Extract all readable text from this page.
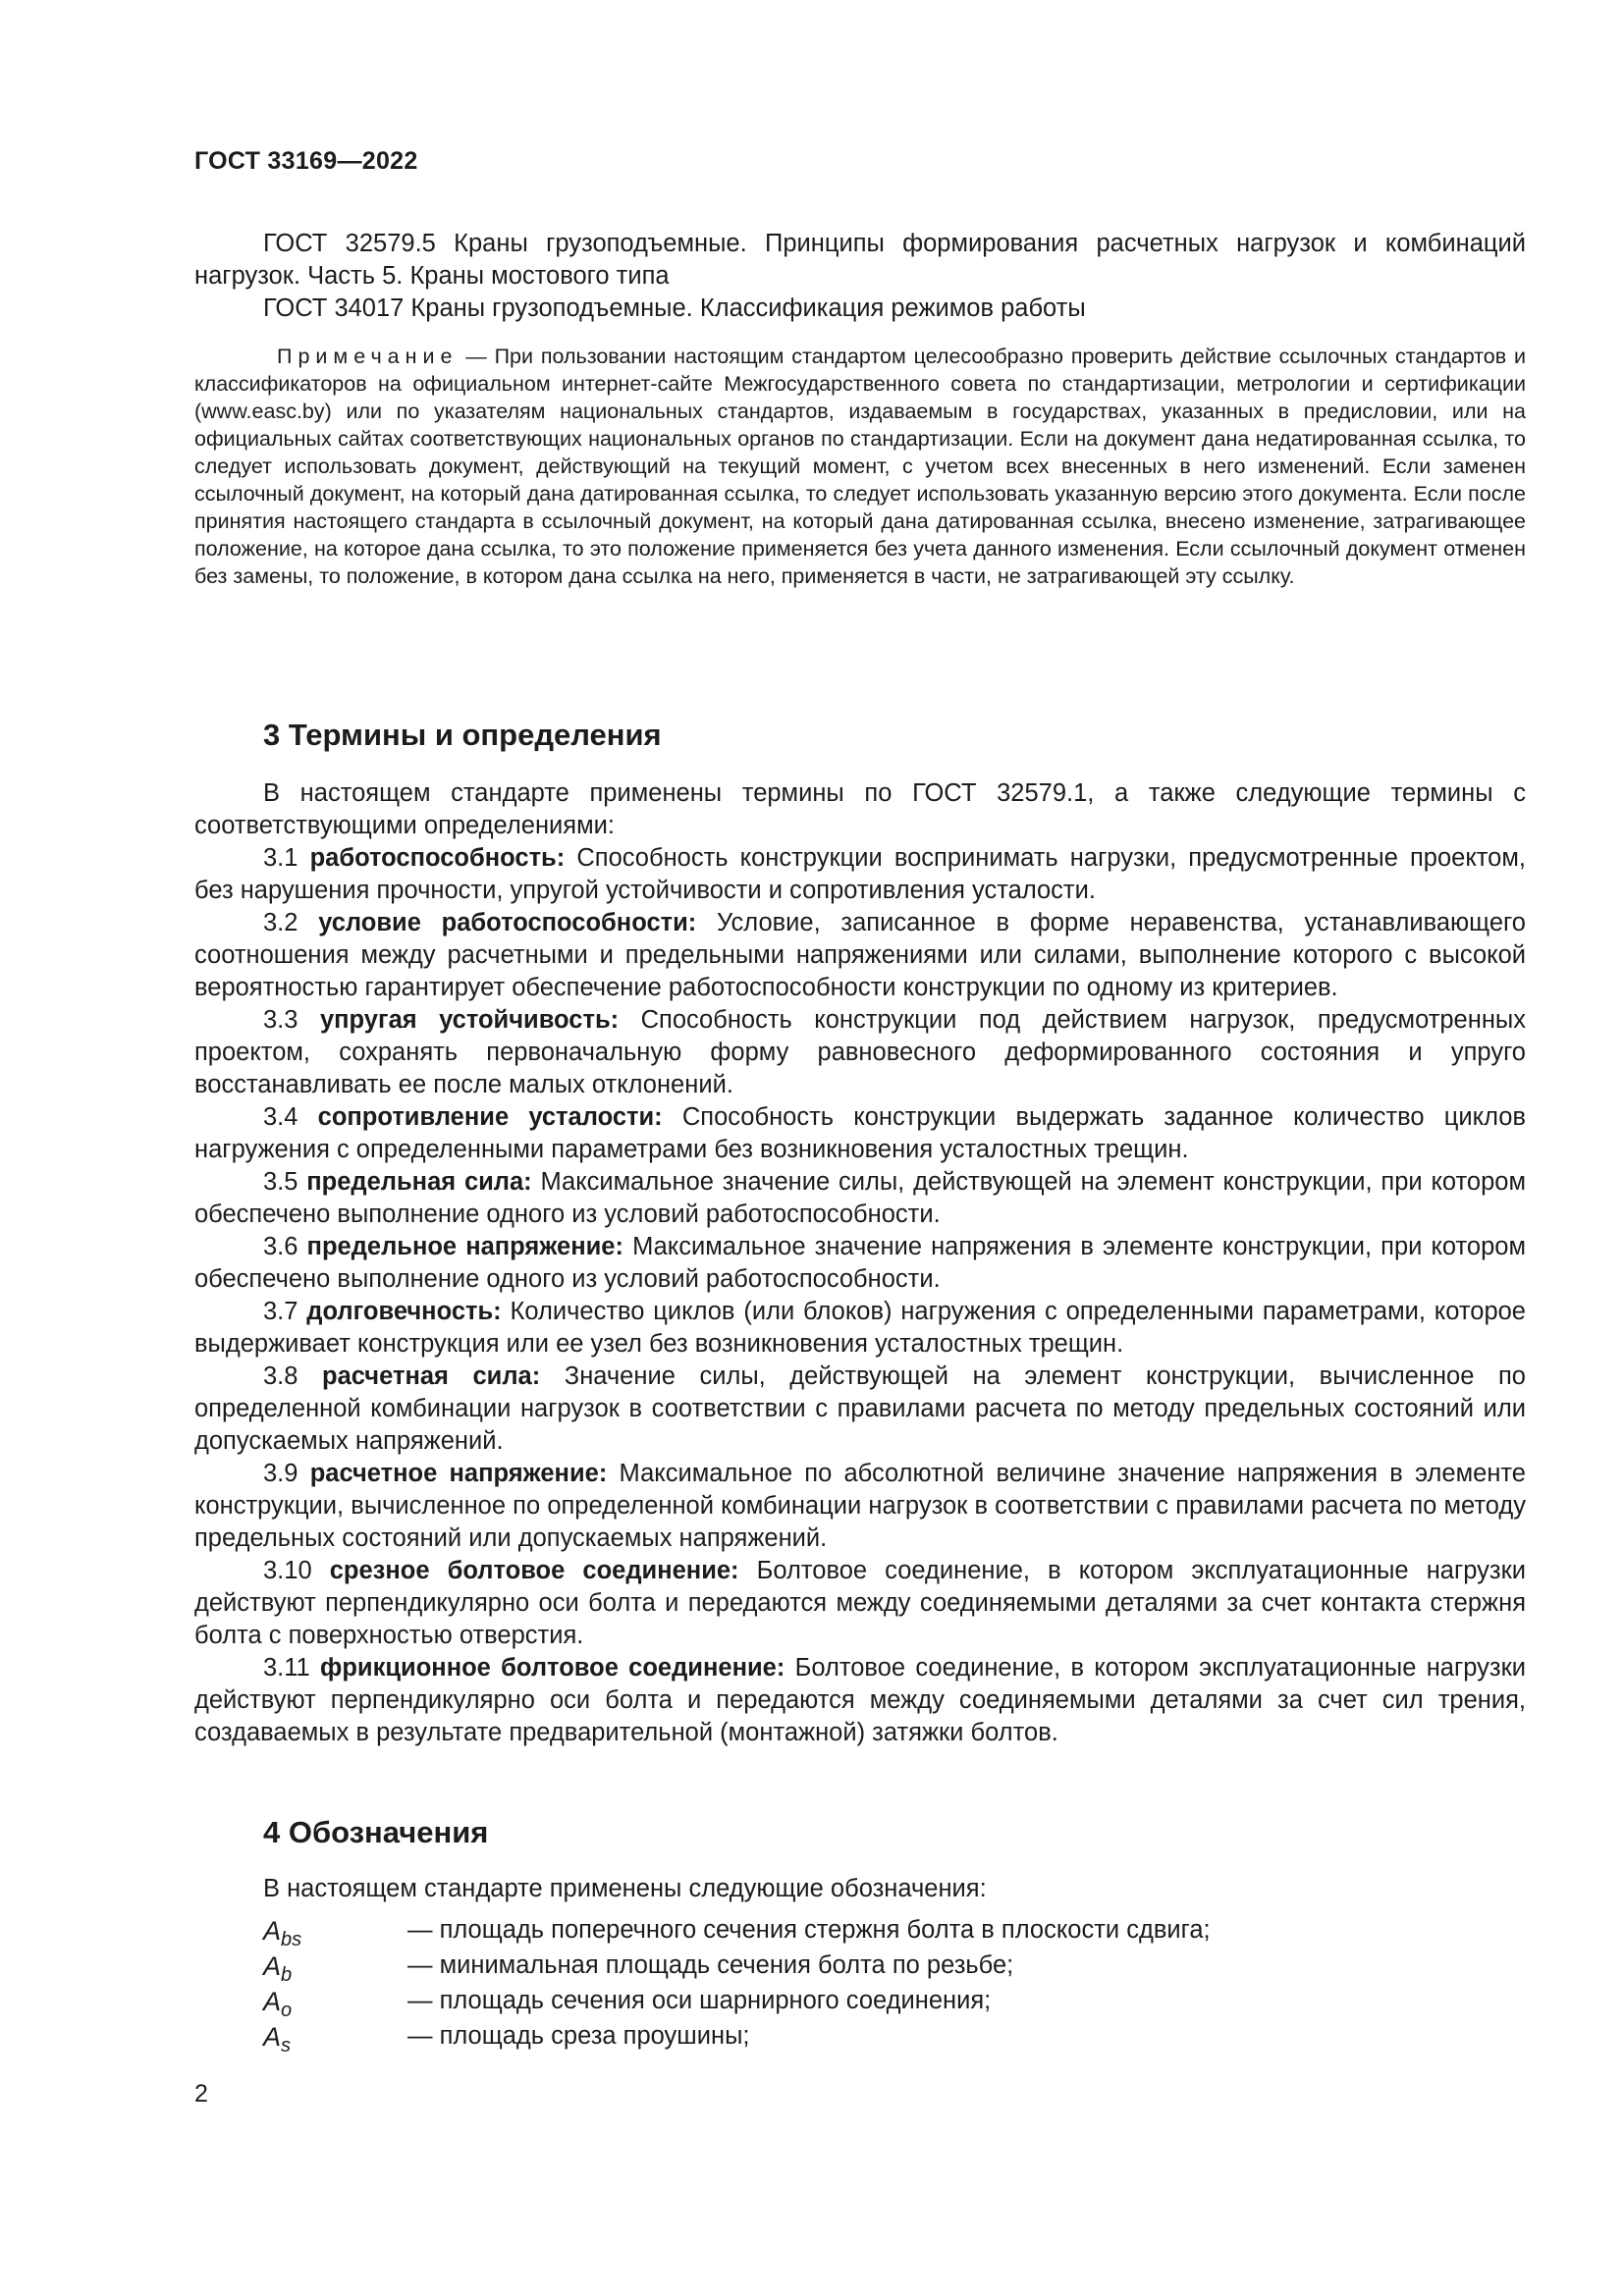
ГОСТ 33169—2022

ГОСТ 32579.5 Краны грузоподъемные. Принципы формирования расчетных нагрузок и комбинаций нагрузок. Часть 5. Краны мостового типа

ГОСТ 34017 Краны грузоподъемные. Классификация режимов работы

Примечание — При пользовании настоящим стандартом целесообразно проверить действие ссылочных стандартов и классификаторов на официальном интернет-сайте Межгосударственного совета по стандартизации, метрологии и сертификации (www.easc.by) или по указателям национальных стандартов, издаваемым в государствах, указанных в предисловии, или на официальных сайтах соответствующих национальных органов по стандартизации. Если на документ дана недатированная ссылка, то следует использовать документ, действующий на текущий момент, с учетом всех внесенных в него изменений. Если заменен ссылочный документ, на который дана датированная ссылка, то следует использовать указанную версию этого документа. Если после принятия настоящего стандарта в ссылочный документ, на который дана датированная ссылка, внесено изменение, затрагивающее положение, на которое дана ссылка, то это положение применяется без учета данного изменения. Если ссылочный документ отменен без замены, то положение, в котором дана ссылка на него, применяется в части, не затрагивающей эту ссылку.

3 Термины и определения

В настоящем стандарте применены термины по ГОСТ 32579.1, а также следующие термины с соответствующими определениями:

3.1 работоспособность: Способность конструкции воспринимать нагрузки, предусмотренные проектом, без нарушения прочности, упругой устойчивости и сопротивления усталости.

3.2 условие работоспособности: Условие, записанное в форме неравенства, устанавливающего соотношения между расчетными и предельными напряжениями или силами, выполнение которого с высокой вероятностью гарантирует обеспечение работоспособности конструкции по одному из критериев.

3.3 упругая устойчивость: Способность конструкции под действием нагрузок, предусмотренных проектом, сохранять первоначальную форму равновесного деформированного состояния и упруго восстанавливать ее после малых отклонений.

3.4 сопротивление усталости: Способность конструкции выдержать заданное количество циклов нагружения с определенными параметрами без возникновения усталостных трещин.

3.5 предельная сила: Максимальное значение силы, действующей на элемент конструкции, при котором обеспечено выполнение одного из условий работоспособности.

3.6 предельное напряжение: Максимальное значение напряжения в элементе конструкции, при котором обеспечено выполнение одного из условий работоспособности.

3.7 долговечность: Количество циклов (или блоков) нагружения с определенными параметрами, которое выдерживает конструкция или ее узел без возникновения усталостных трещин.

3.8 расчетная сила: Значение силы, действующей на элемент конструкции, вычисленное по определенной комбинации нагрузок в соответствии с правилами расчета по методу предельных состояний или допускаемых напряжений.

3.9 расчетное напряжение: Максимальное по абсолютной величине значение напряжения в элементе конструкции, вычисленное по определенной комбинации нагрузок в соответствии с правилами расчета по методу предельных состояний или допускаемых напряжений.

3.10 срезное болтовое соединение: Болтовое соединение, в котором эксплуатационные нагрузки действуют перпендикулярно оси болта и передаются между соединяемыми деталями за счет контакта стержня болта с поверхностью отверстия.

3.11 фрикционное болтовое соединение: Болтовое соединение, в котором эксплуатационные нагрузки действуют перпендикулярно оси болта и передаются между соединяемыми деталями за счет сил трения, создаваемых в результате предварительной (монтажной) затяжки болтов.

4 Обозначения

В настоящем стандарте применены следующие обозначения:

$A_{bs}$	— площадь поперечного сечения стержня болта в плоскости сдвига;
$A_b$	— минимальная площадь сечения болта по резьбе;
$A_o$	— площадь сечения оси шарнирного соединения;
$A_s$	— площадь среза проушины;
2
